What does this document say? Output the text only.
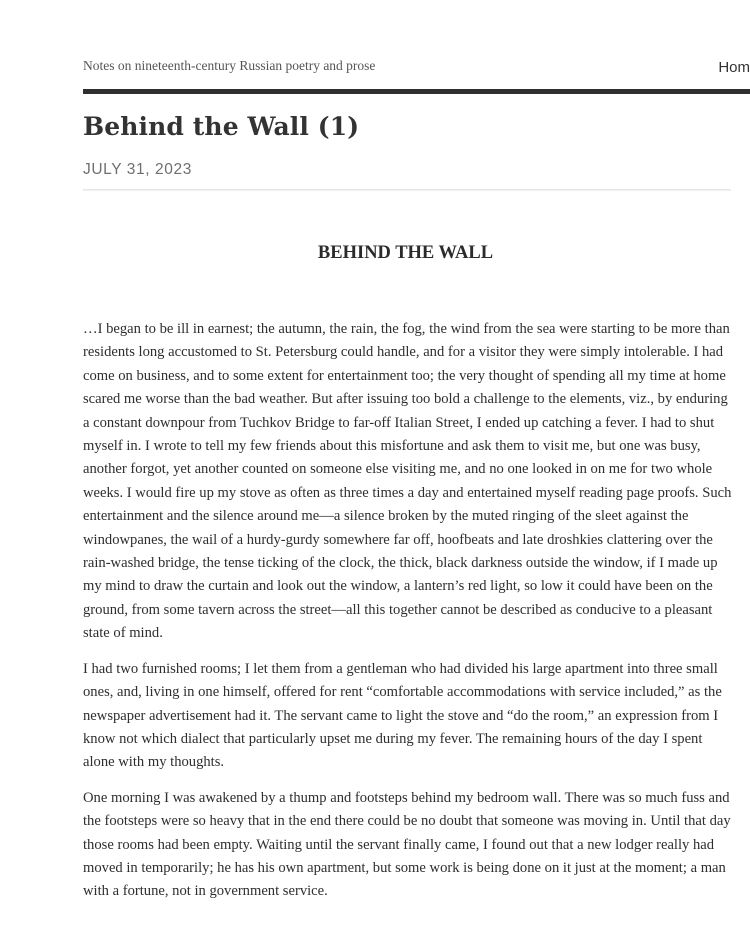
Notes on nineteenth-century Russian poetry and prose	Hom
Behind the Wall (1)
JULY 31, 2023
BEHIND THE WALL

…I began to be ill in earnest; the autumn, the rain, the fog, the wind from the sea were starting to be more than residents long accustomed to St. Petersburg could handle, and for a visitor they were simply intolerable. I had come on business, and to some extent for entertainment too; the very thought of spending all my time at home scared me worse than the bad weather. But after issuing too bold a challenge to the elements, viz., by enduring a constant downpour from Tuchkov Bridge to far-off Italian Street, I ended up catching a fever. I had to shut myself in. I wrote to tell my few friends about this misfortune and ask them to visit me, but one was busy, another forgot, yet another counted on someone else visiting me, and no one looked in on me for two whole weeks. I would fire up my stove as often as three times a day and entertained myself reading page proofs. Such entertainment and the silence around me—a silence broken by the muted ringing of the sleet against the windowpanes, the wail of a hurdy-gurdy somewhere far off, hoofbeats and late droshkies clattering over the rain-washed bridge, the tense ticking of the clock, the thick, black darkness outside the window, if I made up my mind to draw the curtain and look out the window, a lantern’s red light, so low it could have been on the ground, from some tavern across the street—all this together cannot be described as conducive to a pleasant state of mind.

I had two furnished rooms; I let them from a gentleman who had divided his large apartment into three small ones, and, living in one himself, offered for rent “comfortable accommodations with service included,” as the newspaper advertisement had it. The servant came to light the stove and “do the room,” an expression from I know not which dialect that particularly upset me during my fever. The remaining hours of the day I spent alone with my thoughts.

One morning I was awakened by a thump and footsteps behind my bedroom wall. There was so much fuss and the footsteps were so heavy that in the end there could be no doubt that someone was moving in. Until that day those rooms had been empty. Waiting until the servant finally came, I found out that a new lodger really had moved in temporarily; he has his own apartment, but some work is being done on it just at the moment; a man with a fortune, not in government service.
